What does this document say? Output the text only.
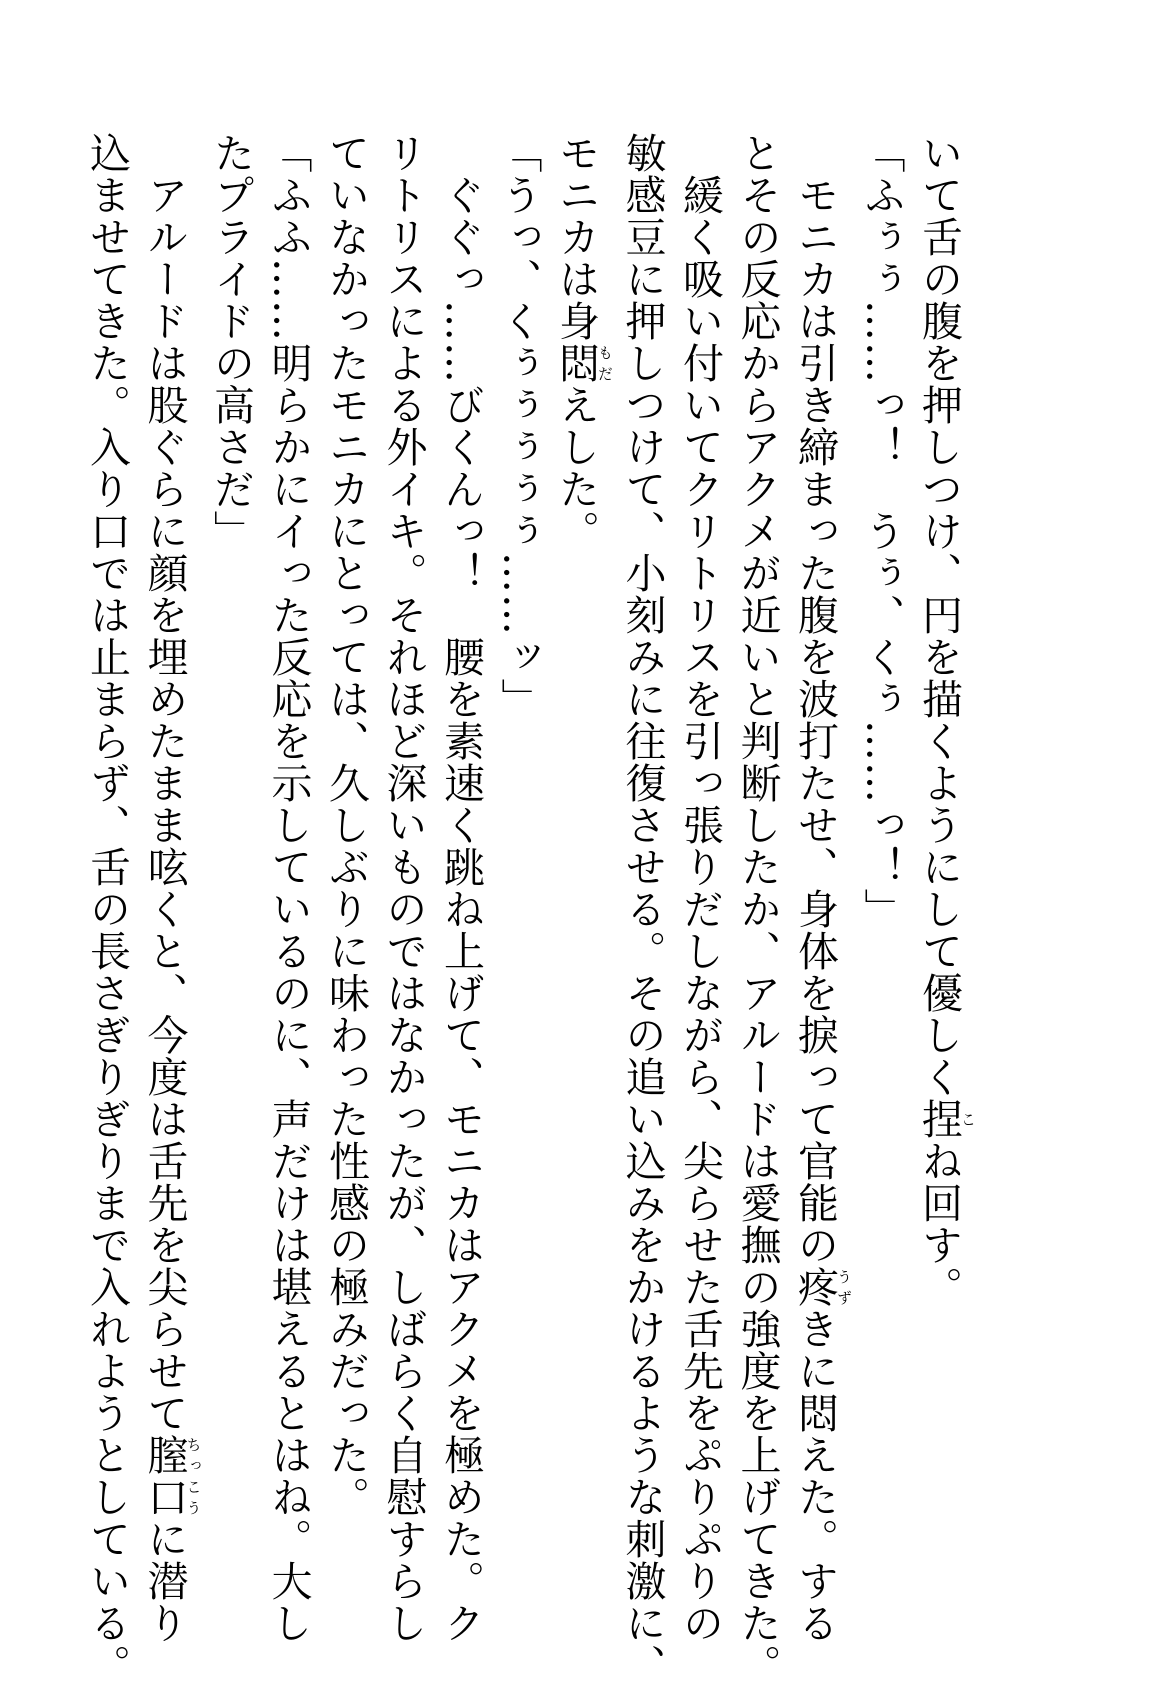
いて舌の腹を押しつけ、円を描くようにして優しく捏こね回す。

「ふぅぅ……っ！　うぅ、くぅ……っ！」

　モニカは引き締まった腹を波打たせ、身体を捩って官能の疼うずきに悶えた。する

とその反応からアクメが近いと判断したか、アルードは愛撫の強度を上げてきた。

　緩く吸い付いてクリトリスを引っ張りだしながら、尖らせた舌先をぷりぷりの

敏感豆に押しつけて、小刻みに往復させる。その追い込みをかけるような刺激に、

モニカは身悶もだえした。

「うっ、くぅぅぅぅぅ……ッ」

　ぐぐっ……びくんっ！　腰を素速く跳ね上げて、モニカはアクメを極めた。ク

リトリスによる外イキ。それほど深いものではなかったが、しばらく自慰すらし

ていなかったモニカにとっては、久しぶりに味わった性感の極みだった。

「ふふ……明らかにイった反応を示しているのに、声だけは堪えるとはね。大し

たプライドの高さだ」

　アルードは股ぐらに顔を埋めたまま呟くと、今度は舌先を尖らせて膣口ちっこうに潜り

込ませてきた。入り口では止まらず、舌の長さぎりぎりまで入れようとしている。
